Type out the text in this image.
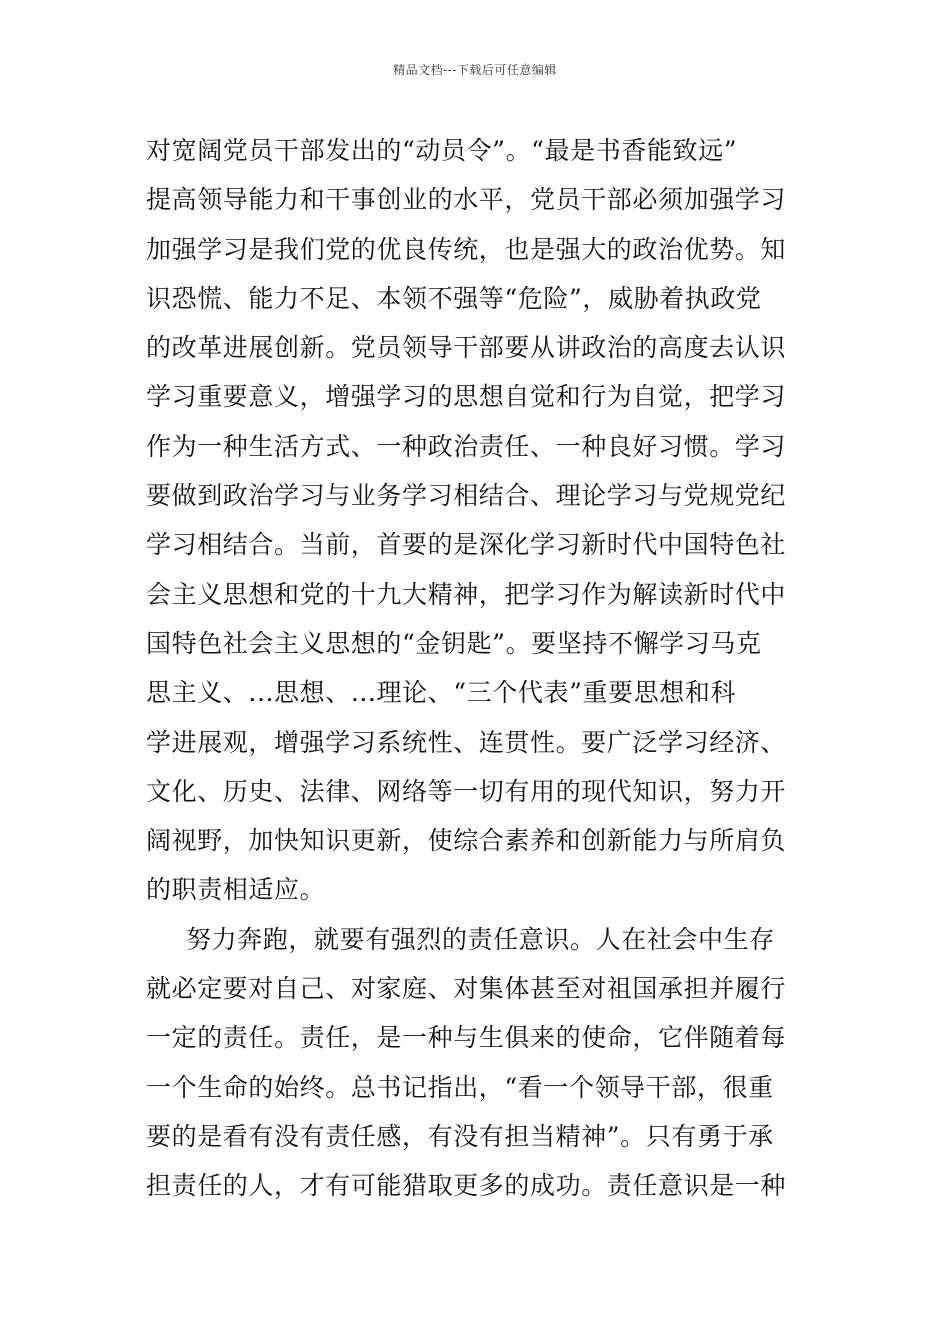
精品文档---下载后可任意编辑
对宽阔党员干部发出的“动员令”。“最是书香能致远”
提高领导能力和干事创业的水平，党员干部必须加强学习
加强学习是我们党的优良传统，也是强大的政治优势。知
识恐慌、能力不足、本领不强等“危险”，威胁着执政党
的改革进展创新。党员领导干部要从讲政治的高度去认识
学习重要意义，增强学习的思想自觉和行为自觉，把学习
作为一种生活方式、一种政治责任、一种良好习惯。学习
要做到政治学习与业务学习相结合、理论学习与党规党纪
学习相结合。当前，首要的是深化学习新时代中国特色社
会主义思想和党的十九大精神，把学习作为解读新时代中
国特色社会主义思想的“金钥匙”。要坚持不懈学习马克
思主义、...思想、...理论、“三个代表”重要思想和科
学进展观，增强学习系统性、连贯性。要广泛学习经济、
文化、历史、法律、网络等一切有用的现代知识，努力开
阔视野，加快知识更新，使综合素养和创新能力与所肩负
的职责相适应。
努力奔跑，就要有强烈的责任意识。人在社会中生存
就必定要对自己、对家庭、对集体甚至对祖国承担并履行
一定的责任。责任，是一种与生俱来的使命，它伴随着每
一个生命的始终。总书记指出，“看一个领导干部，很重
要的是看有没有责任感，有没有担当精神”。只有勇于承
担责任的人，才有可能猎取更多的成功。责任意识是一种
